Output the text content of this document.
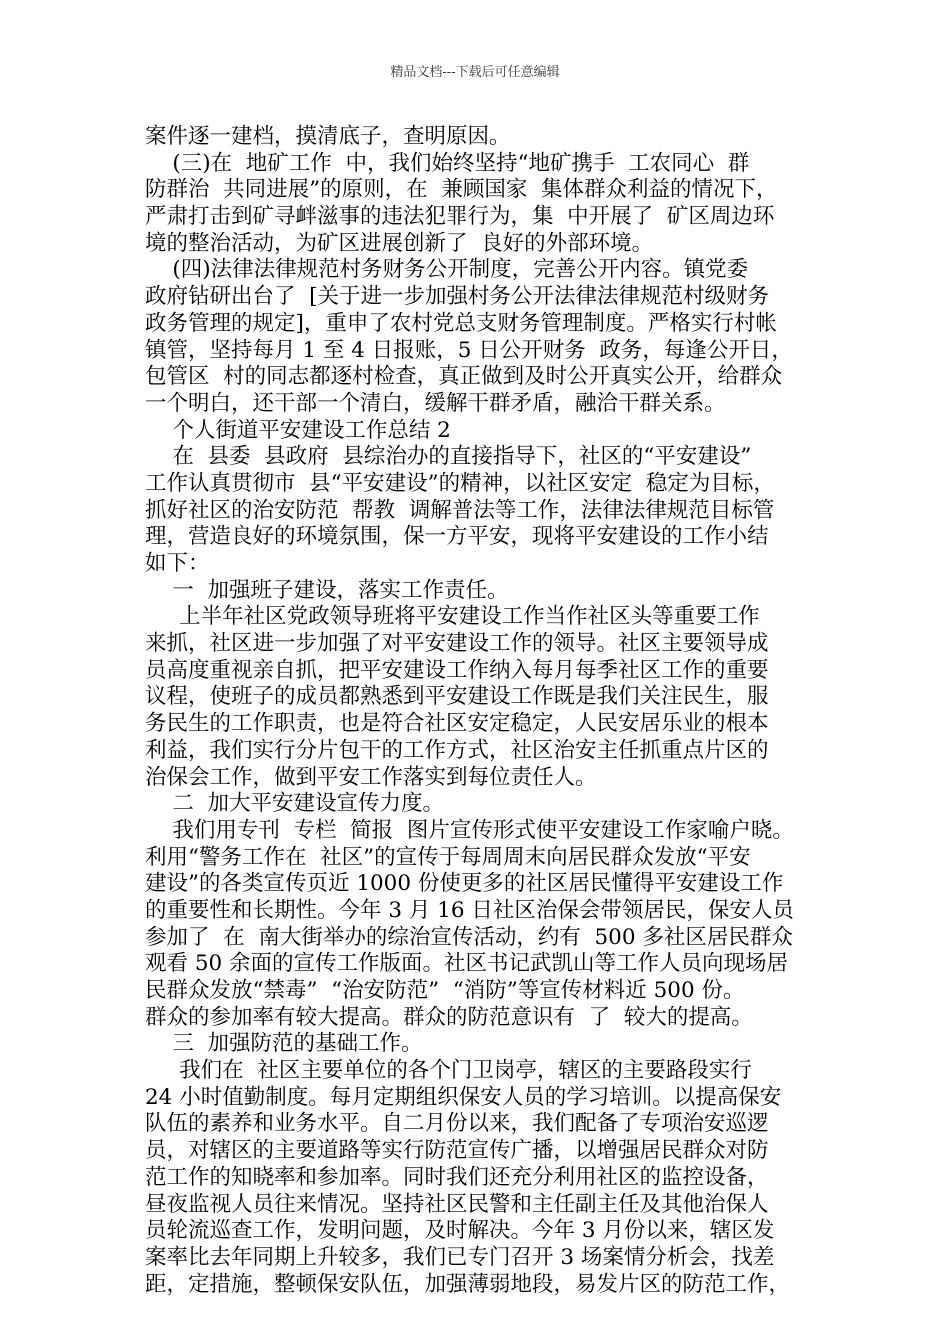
精品文档---下载后可任意编辑
案件逐一建档，摸清底子，查明原因。
(三)在  地矿工作  中，我们始终坚持“地矿携手  工农同心  群
防群治  共同进展”的原则，在  兼顾国家  集体群众利益的情况下，
严肃打击到矿寻衅滋事的违法犯罪行为，集  中开展了  矿区周边环
境的整治活动，为矿区进展创新了  良好的外部环境。
(四)法律法律规范村务财务公开制度，完善公开内容。镇党委
政府钻研出台了  [关于进一步加强村务公开法律法律规范村级财务
政务管理的规定]，重申了农村党总支财务管理制度。严格实行村帐
镇管，坚持每月 1 至 4 日报账，5 日公开财务  政务，每逢公开日，
包管区  村的同志都逐村检查，真正做到及时公开真实公开，给群众
一个明白，还干部一个清白，缓解干群矛盾，融洽干群关系。
个人街道平安建设工作总结 2
在  县委  县政府  县综治办的直接指导下，社区的“平安建设”
工作认真贯彻市  县“平安建设”的精神，以社区安定  稳定为目标，
抓好社区的治安防范  帮教  调解普法等工作，法律法律规范目标管
理，营造良好的环境氛围，保一方平安，现将平安建设的工作小结
如下：
一  加强班子建设，落实工作责任。
上半年社区党政领导班将平安建设工作当作社区头等重要工作
来抓，社区进一步加强了对平安建设工作的领导。社区主要领导成
员高度重视亲自抓，把平安建设工作纳入每月每季社区工作的重要
议程，使班子的成员都熟悉到平安建设工作既是我们关注民生，服
务民生的工作职责，也是符合社区安定稳定，人民安居乐业的根本
利益，我们实行分片包干的工作方式，社区治安主任抓重点片区的
治保会工作，做到平安工作落实到每位责任人。
二  加大平安建设宣传力度。
我们用专刊  专栏  简报  图片宣传形式使平安建设工作家喻户晓。
利用“警务工作在  社区”的宣传于每周周末向居民群众发放“平安
建设”的各类宣传页近 1000 份使更多的社区居民懂得平安建设工作
的重要性和长期性。今年 3 月 16 日社区治保会带领居民，保安人员
参加了  在  南大街举办的综治宣传活动，约有  500 多社区居民群众
观看 50 余面的宣传工作版面。社区书记武凯山等工作人员向现场居
民群众发放“禁毒”  “治安防范”  “消防”等宣传材料近 500 份。
群众的参加率有较大提高。群众的防范意识有  了  较大的提高。
三  加强防范的基础工作。
我们在  社区主要单位的各个门卫岗亭，辖区的主要路段实行
24 小时值勤制度。每月定期组织保安人员的学习培训。以提高保安
队伍的素养和业务水平。自二月份以来，我们配备了专项治安巡逻
员，对辖区的主要道路等实行防范宣传广播，以增强居民群众对防
范工作的知晓率和参加率。同时我们还充分利用社区的监控设备，
昼夜监视人员往来情况。坚持社区民警和主任副主任及其他治保人
员轮流巡查工作，发明问题，及时解决。今年 3 月份以来，辖区发
案率比去年同期上升较多，我们已专门召开 3 场案情分析会，找差
距，定措施，整顿保安队伍，加强薄弱地段，易发片区的防范工作，
